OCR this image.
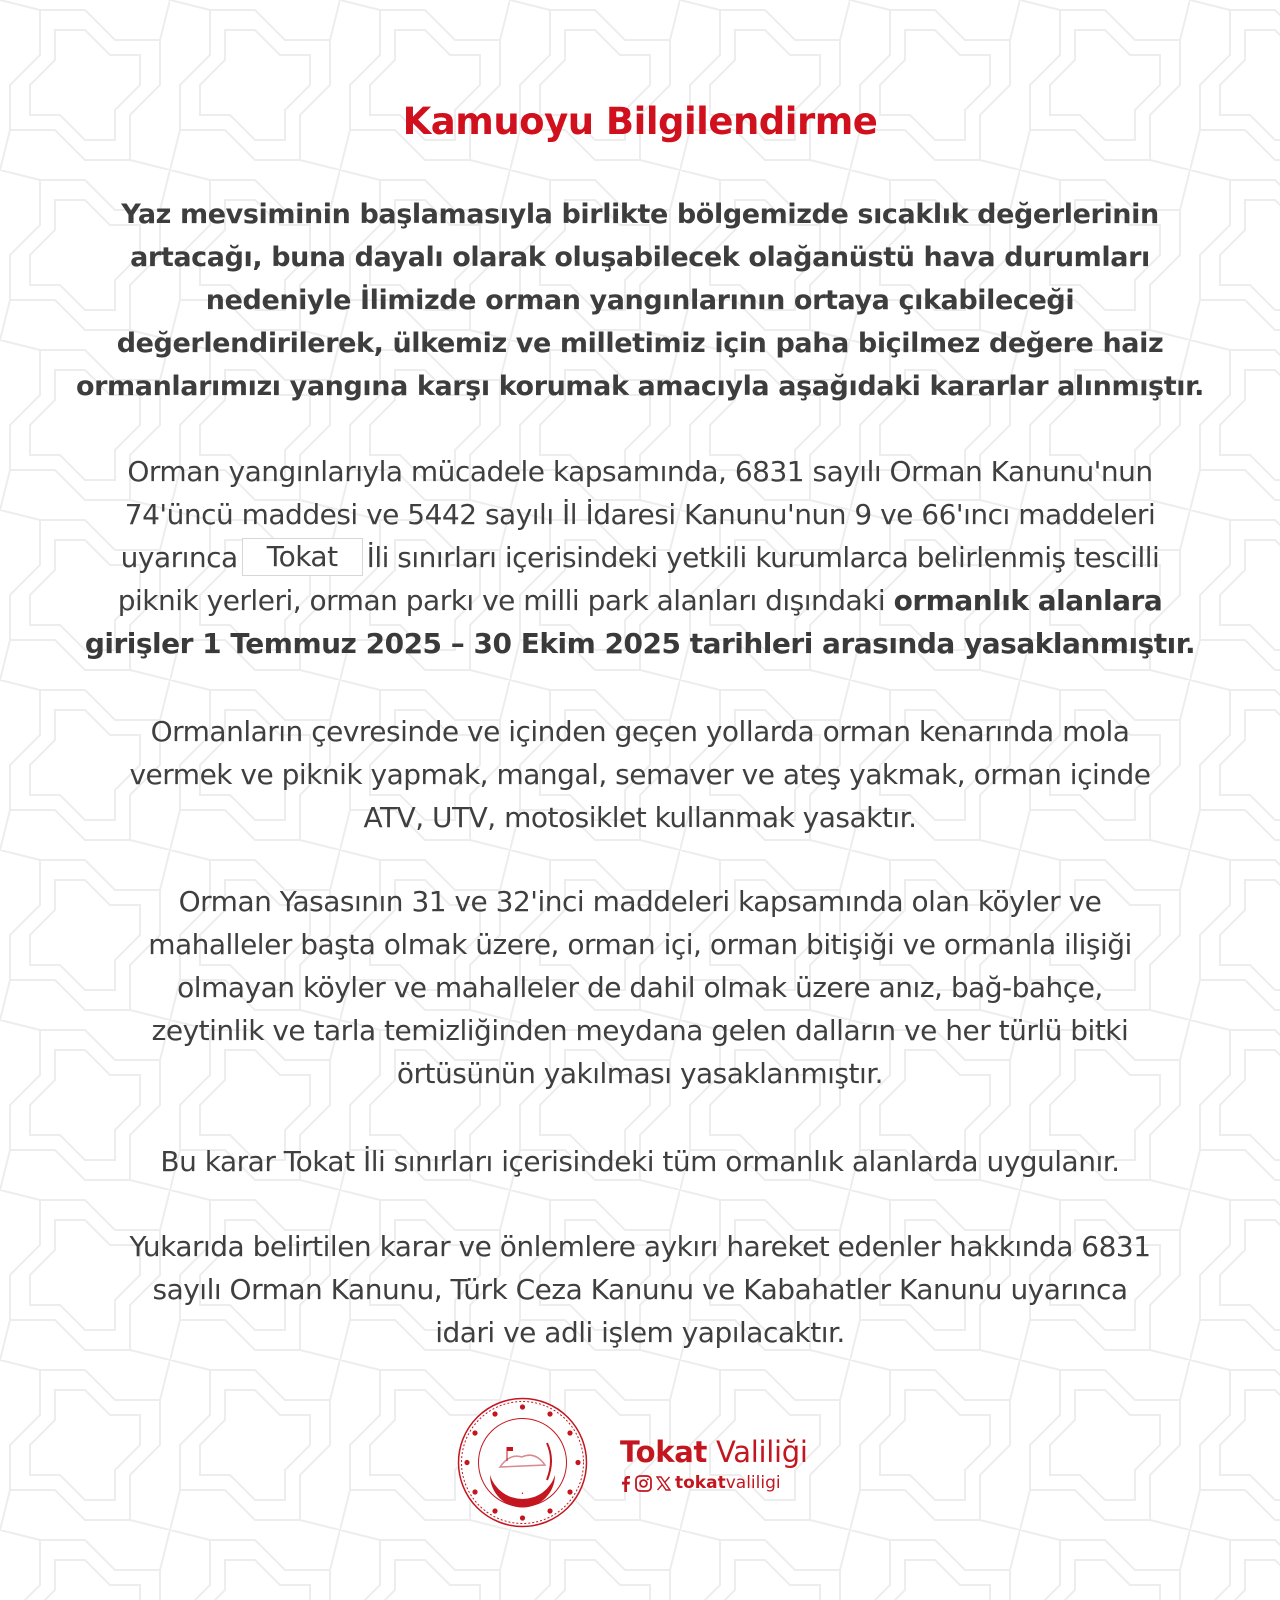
Kamuoyu Bilgilendirme
Yaz mevsiminin başlamasıyla birlikte bölgemizde sıcaklık değerlerinin
artacağı, buna dayalı olarak oluşabilecek olağanüstü hava durumları
nedeniyle İlimizde orman yangınlarının ortaya çıkabileceği
değerlendirilerek, ülkemiz ve milletimiz için paha biçilmez değere haiz
ormanlarımızı yangına karşı korumak amacıyla aşağıdaki kararlar alınmıştır.
Orman yangınlarıyla mücadele kapsamında, 6831 sayılı Orman Kanunu'nun
74'üncü maddesi ve 5442 sayılı İl İdaresi Kanunu'nun 9 ve 66'ıncı maddeleri
uyarınca Tokat İli sınırları içerisindeki yetkili kurumlarca belirlenmiş tescilli
piknik yerleri, orman parkı ve milli park alanları dışındaki ormanlık alanlara
girişler 1 Temmuz 2025 – 30 Ekim 2025 tarihleri arasında yasaklanmıştır.
Ormanların çevresinde ve içinden geçen yollarda orman kenarında mola
vermek ve piknik yapmak, mangal, semaver ve ateş yakmak, orman içinde
ATV, UTV, motosiklet kullanmak yasaktır.
Orman Yasasının 31 ve 32'inci maddeleri kapsamında olan köyler ve
mahalleler başta olmak üzere, orman içi, orman bitişiği ve ormanla ilişiği
olmayan köyler ve mahalleler de dahil olmak üzere anız, bağ-bahçe,
zeytinlik ve tarla temizliğinden meydana gelen dalların ve her türlü bitki
örtüsünün yakılması yasaklanmıştır.
Bu karar Tokat İli sınırları içerisindeki tüm ormanlık alanlarda uygulanır.
Yukarıda belirtilen karar ve önlemlere aykırı hareket edenler hakkında 6831
sayılı Orman Kanunu, Türk Ceza Kanunu ve Kabahatler Kanunu uyarınca
idari ve adli işlem yapılacaktır.
•
Tokat Valiliği
tokatvaliligi
